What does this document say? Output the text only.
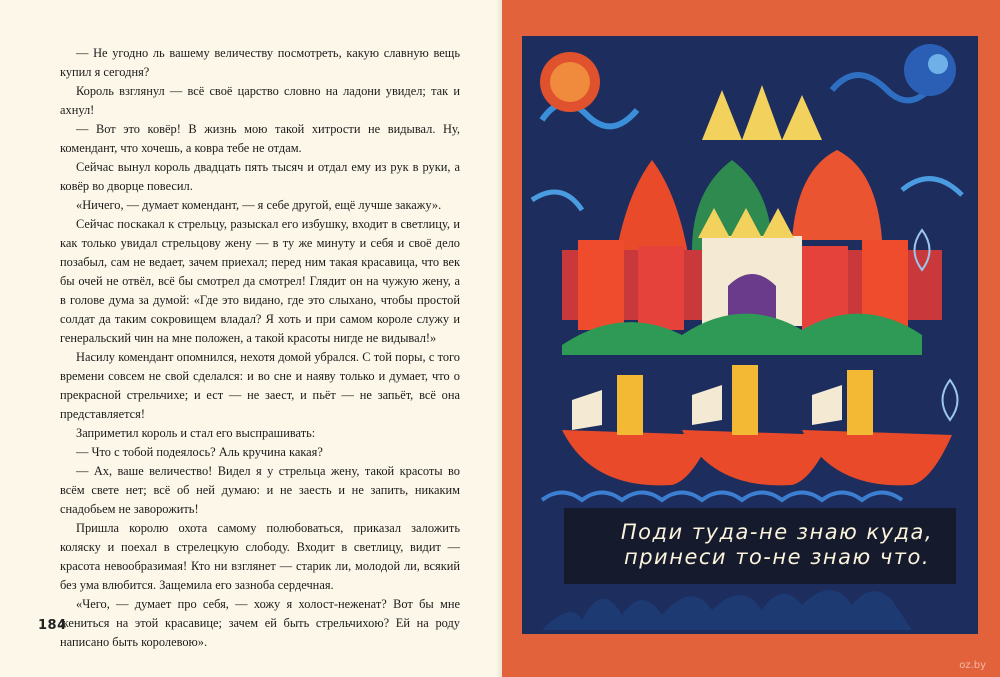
— Не угодно ль вашему величеству посмотреть, какую славную вещь купил я сегодня?

Король взглянул — всё своё царство словно на ладони увидел; так и ахнул!

— Вот это ковёр! В жизнь мою такой хитрости не видывал. Ну, комендант, что хочешь, а ковра тебе не отдам.

Сейчас вынул король двадцать пять тысяч и отдал ему из рук в руки, а ковёр во дворце повесил.

«Ничего, — думает комендант, — я себе другой, ещё лучше закажу».

Сейчас поскакал к стрельцу, разыскал его избушку, входит в светлицу, и как только увидал стрельцову жену — в ту же минуту и себя и своё дело позабыл, сам не ведает, зачем приехал; перед ним такая красавица, что век бы очей не отвёл, всё бы смотрел да смотрел! Глядит он на чужую жену, а в голове дума за думой: «Где это видано, где это слыхано, чтобы простой солдат да таким сокровищем владал? Я хоть и при самом короле служу и генеральский чин на мне положен, а такой красоты нигде не видывал!»

Насилу комендант опомнился, нехотя домой убрался. С той поры, с того времени совсем не свой сделался: и во сне и наяву только и думает, что о прекрасной стрельчихе; и ест — не заест, и пьёт — не запьёт, всё она представляется!

Заприметил король и стал его выспрашивать:

— Что с тобой подеялось? Аль кручина какая?

— Ах, ваше величество! Видел я у стрельца жену, такой красоты во всём свете нет; всё об ней думаю: и не заесть и не запить, никаким снадобьем не заворожить!

Пришла королю охота самому полюбоваться, приказал заложить коляску и поехал в стрелецкую слободу. Входит в светлицу, видит — красота невообразимая! Кто ни взглянет — старик ли, молодой ли, всякий без ума влюбится. Защемила его зазноба сердечная.

«Чего, — думает про себя, — хожу я холост-неженат? Вот бы мне жениться на этой красавице; зачем ей быть стрельчихою? Ей на роду написано быть королевою».

184
Поди туда-не знаю куда,
принеси то-не знаю что.
oz.by
